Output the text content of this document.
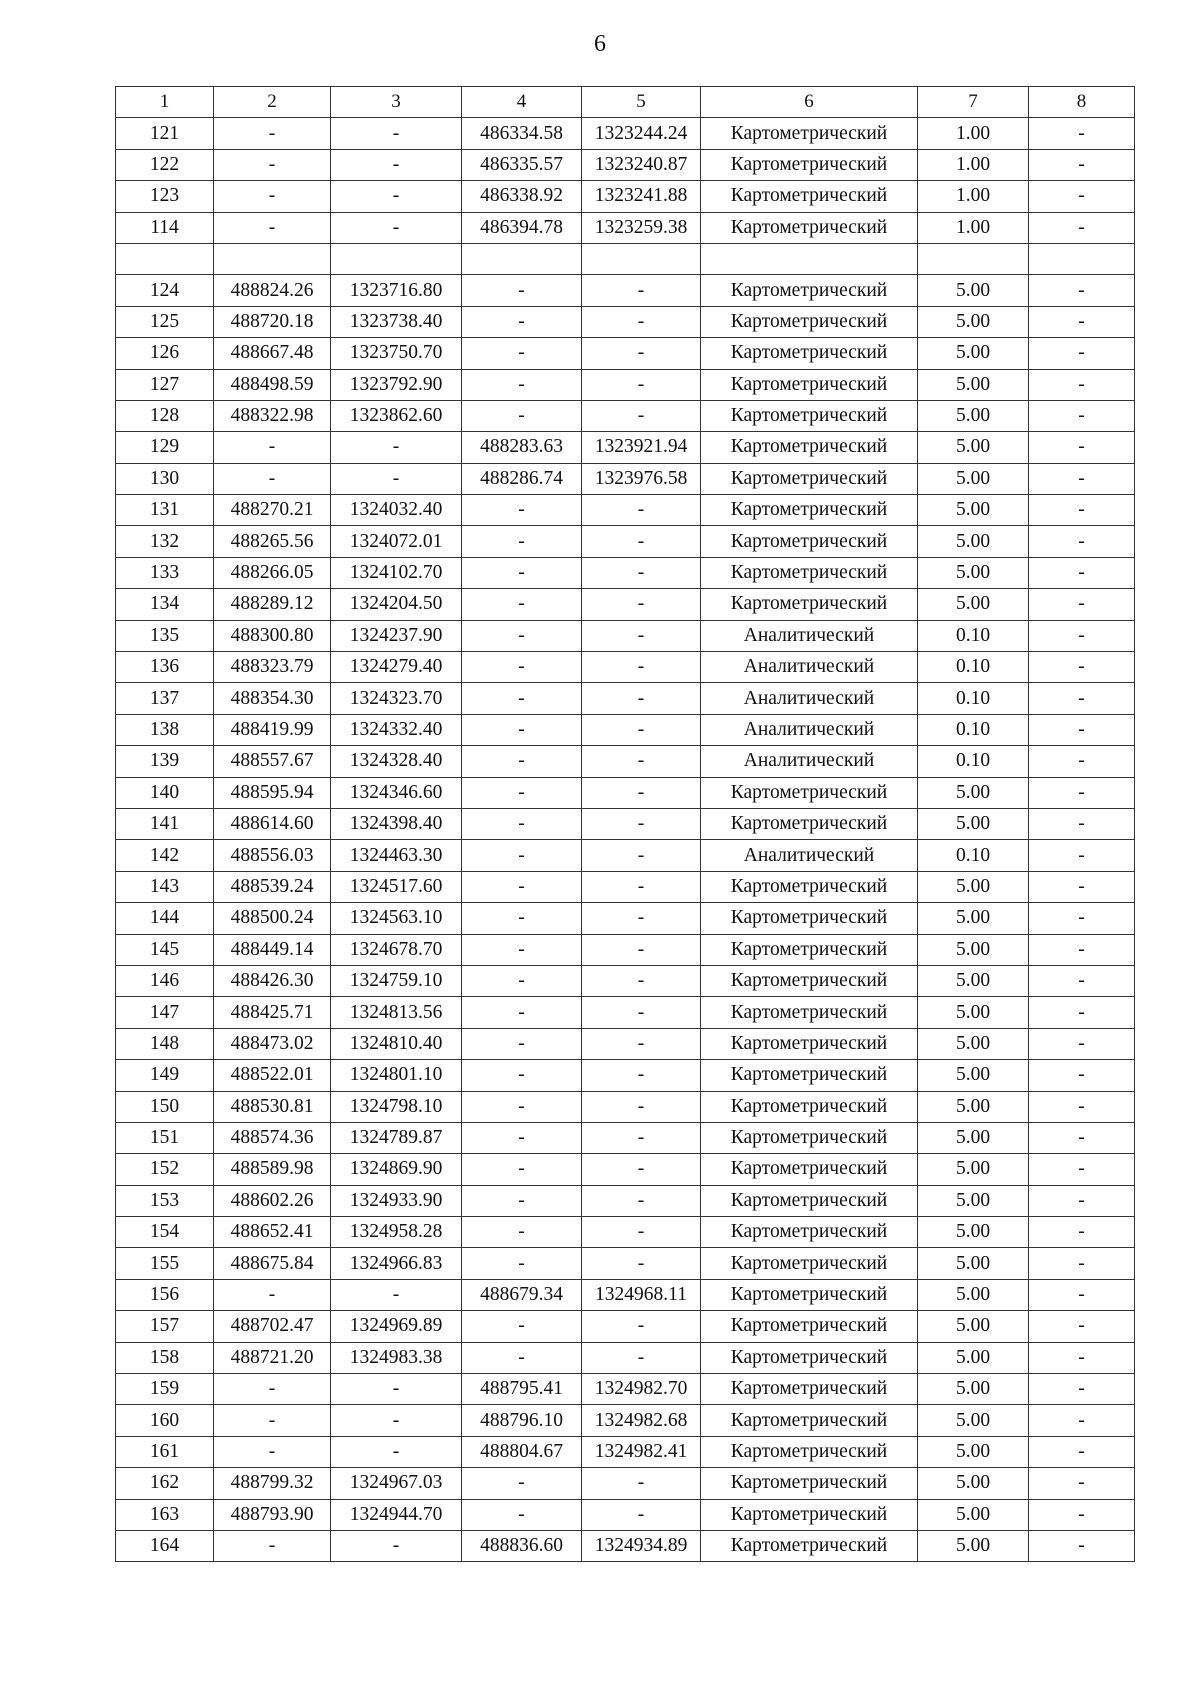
6
1	2	3	4	5	6	7	8
121	-	-	486334.58	1323244.24	Картометрический	1.00	-
122	-	-	486335.57	1323240.87	Картометрический	1.00	-
123	-	-	486338.92	1323241.88	Картометрический	1.00	-
114	-	-	486394.78	1323259.38	Картометрический	1.00	-

124	488824.26	1323716.80	-	-	Картометрический	5.00	-
125	488720.18	1323738.40	-	-	Картометрический	5.00	-
126	488667.48	1323750.70	-	-	Картометрический	5.00	-
127	488498.59	1323792.90	-	-	Картометрический	5.00	-
128	488322.98	1323862.60	-	-	Картометрический	5.00	-
129	-	-	488283.63	1323921.94	Картометрический	5.00	-
130	-	-	488286.74	1323976.58	Картометрический	5.00	-
131	488270.21	1324032.40	-	-	Картометрический	5.00	-
132	488265.56	1324072.01	-	-	Картометрический	5.00	-
133	488266.05	1324102.70	-	-	Картометрический	5.00	-
134	488289.12	1324204.50	-	-	Картометрический	5.00	-
135	488300.80	1324237.90	-	-	Аналитический	0.10	-
136	488323.79	1324279.40	-	-	Аналитический	0.10	-
137	488354.30	1324323.70	-	-	Аналитический	0.10	-
138	488419.99	1324332.40	-	-	Аналитический	0.10	-
139	488557.67	1324328.40	-	-	Аналитический	0.10	-
140	488595.94	1324346.60	-	-	Картометрический	5.00	-
141	488614.60	1324398.40	-	-	Картометрический	5.00	-
142	488556.03	1324463.30	-	-	Аналитический	0.10	-
143	488539.24	1324517.60	-	-	Картометрический	5.00	-
144	488500.24	1324563.10	-	-	Картометрический	5.00	-
145	488449.14	1324678.70	-	-	Картометрический	5.00	-
146	488426.30	1324759.10	-	-	Картометрический	5.00	-
147	488425.71	1324813.56	-	-	Картометрический	5.00	-
148	488473.02	1324810.40	-	-	Картометрический	5.00	-
149	488522.01	1324801.10	-	-	Картометрический	5.00	-
150	488530.81	1324798.10	-	-	Картометрический	5.00	-
151	488574.36	1324789.87	-	-	Картометрический	5.00	-
152	488589.98	1324869.90	-	-	Картометрический	5.00	-
153	488602.26	1324933.90	-	-	Картометрический	5.00	-
154	488652.41	1324958.28	-	-	Картометрический	5.00	-
155	488675.84	1324966.83	-	-	Картометрический	5.00	-
156	-	-	488679.34	1324968.11	Картометрический	5.00	-
157	488702.47	1324969.89	-	-	Картометрический	5.00	-
158	488721.20	1324983.38	-	-	Картометрический	5.00	-
159	-	-	488795.41	1324982.70	Картометрический	5.00	-
160	-	-	488796.10	1324982.68	Картометрический	5.00	-
161	-	-	488804.67	1324982.41	Картометрический	5.00	-
162	488799.32	1324967.03	-	-	Картометрический	5.00	-
163	488793.90	1324944.70	-	-	Картометрический	5.00	-
164	-	-	488836.60	1324934.89	Картометрический	5.00	-
